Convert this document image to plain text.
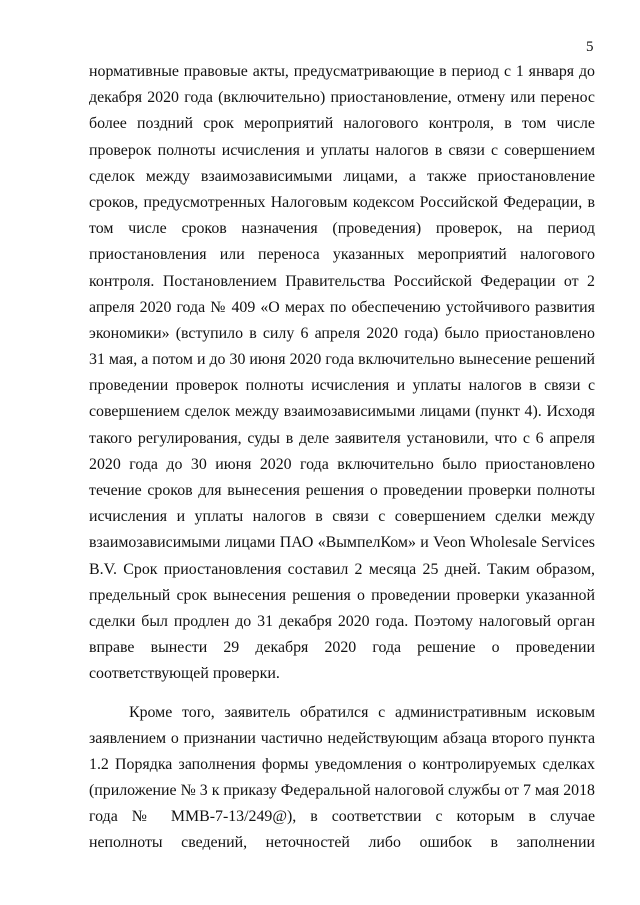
5
нормативные правовые акты, предусматривающие в период с 1 января до
декабря 2020 года (включительно) приостановление, отмену или перенос
более поздний срок мероприятий налогового контроля, в том числе
проверок полноты исчисления и уплаты налогов в связи с совершением
сделок между взаимозависимыми лицами, а также приостановление
сроков, предусмотренных Налоговым кодексом Российской Федерации, в
том числе сроков назначения (проведения) проверок, на период
приостановления или переноса указанных мероприятий налогового
контроля. Постановлением Правительства Российской Федерации от 2
апреля 2020 года № 409 «О мерах по обеспечению устойчивого развития
экономики» (вступило в силу 6 апреля 2020 года) было приостановлено
31 мая, а потом и до 30 июня 2020 года включительно вынесение решений
проведении проверок полноты исчисления и уплаты налогов в связи с
совершением сделок между взаимозависимыми лицами (пункт 4). Исходя
такого регулирования, суды в деле заявителя установили, что с 6 апреля
2020 года до 30 июня 2020 года включительно было приостановлено
течение сроков для вынесения решения о проведении проверки полноты
исчисления и уплаты налогов в связи с совершением сделки между
взаимозависимыми лицами ПАО «ВымпелКом» и Veon Wholesale Services
B.V. Срок приостановления составил 2 месяца 25 дней. Таким образом,
предельный срок вынесения решения о проведении проверки указанной
сделки был продлен до 31 декабря 2020 года. Поэтому налоговый орган
вправе вынести 29 декабря 2020 года решение о проведении
соответствующей проверки.
Кроме того, заявитель обратился с административным исковым
заявлением о признании частично недействующим абзаца второго пункта
1.2 Порядка заполнения формы уведомления о контролируемых сделках
(приложение № 3 к приказу Федеральной налоговой службы от 7 мая 2018
года № ММВ-7-13/249@), в соответствии с которым в случае
неполноты сведений, неточностей либо ошибок в заполнении
